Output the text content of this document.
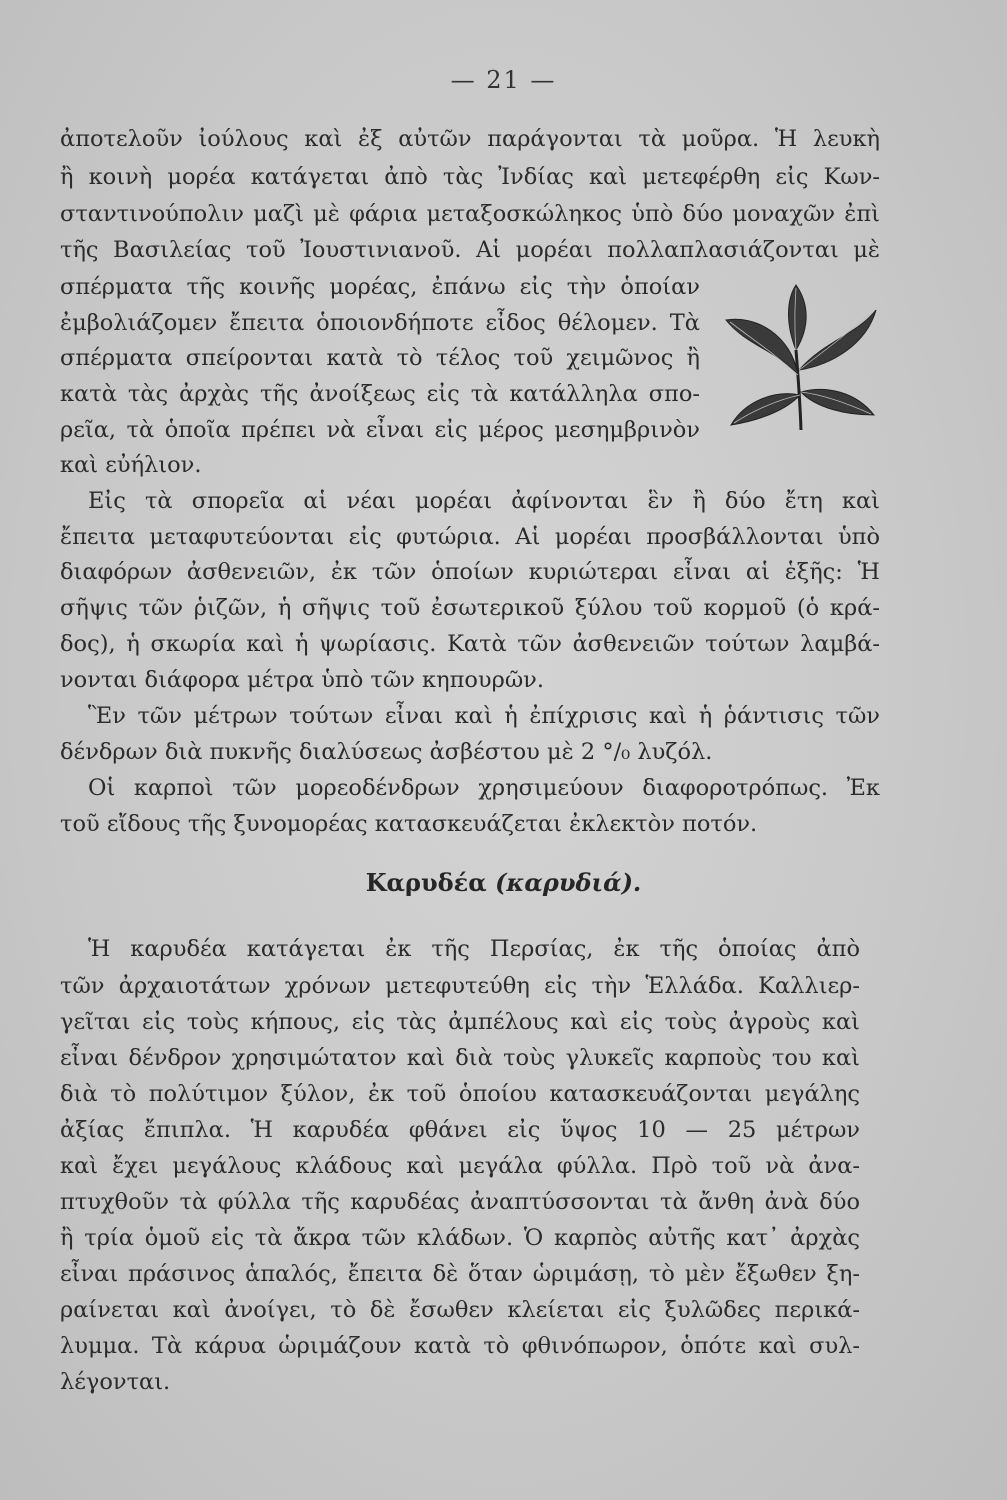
— 21 —
ἀποτελοῦν ἰούλους καὶ ἐξ αὐτῶν παράγονται τὰ μοῦρα. Ἡ λευκὴ
ἢ κοινὴ μορέα κατάγεται ἀπὸ τὰς Ἰνδίας καὶ μετεφέρθη εἰς Κων-
σταντινούπολιν μαζὶ μὲ φάρια μεταξοσκώληκος ὑπὸ δύο μοναχῶν ἐπὶ
τῆς Βασιλείας τοῦ Ἰουστινιανοῦ. Αἱ μορέαι πολλαπλασιάζονται μὲ
σπέρματα τῆς κοινῆς μορέας, ἐπάνω εἰς τὴν ὁποίαν
ἐμβολιάζομεν ἔπειτα ὁποιονδήποτε εἶδος θέλομεν. Τὰ
σπέρματα σπείρονται κατὰ τὸ τέλος τοῦ χειμῶνος ἢ
κατὰ τὰς ἀρχὰς τῆς ἀνοίξεως εἰς τὰ κατάλληλα σπο-
ρεῖα, τὰ ὁποῖα πρέπει νὰ εἶναι εἰς μέρος μεσημβρινὸν
καὶ εὐήλιον.
Εἰς τὰ σπορεῖα αἱ νέαι μορέαι ἀφίνονται ἓν ἢ δύο ἔτη καὶ
ἔπειτα μεταφυτεύονται εἰς φυτώρια. Αἱ μορέαι προσβάλλονται ὑπὸ
διαφόρων ἀσθενειῶν, ἐκ τῶν ὁποίων κυριώτεραι εἶναι αἱ ἑξῆς: Ἡ
σῆψις τῶν ῥιζῶν, ἡ σῆψις τοῦ ἐσωτερικοῦ ξύλου τοῦ κορμοῦ (ὁ κρά-
δος), ἡ σκωρία καὶ ἡ ψωρίασις. Κατὰ τῶν ἀσθενειῶν τούτων λαμβά-
νονται διάφορα μέτρα ὑπὸ τῶν κηπουρῶν.
Ἓν τῶν μέτρων τούτων εἶναι καὶ ἡ ἐπίχρισις καὶ ἡ ῥάντισις τῶν
δένδρων διὰ πυκνῆς διαλύσεως ἀσβέστου μὲ 2 °/₀ λυζόλ.
Οἱ καρποὶ τῶν μορεοδένδρων χρησιμεύουν διαφοροτρόπως. Ἐκ
τοῦ εἴδους τῆς ξυνομορέας κατασκευάζεται ἐκλεκτὸν ποτόν.
Καρυδέα (καρυδιά).
Ἡ καρυδέα κατάγεται ἐκ τῆς Περσίας, ἐκ τῆς ὁποίας ἀπὸ
τῶν ἀρχαιοτάτων χρόνων μετεφυτεύθη εἰς τὴν Ἑλλάδα. Καλλιερ-
γεῖται εἰς τοὺς κήπους, εἰς τὰς ἀμπέλους καὶ εἰς τοὺς ἀγροὺς καὶ
εἶναι δένδρον χρησιμώτατον καὶ διὰ τοὺς γλυκεῖς καρποὺς του καὶ
διὰ τὸ πολύτιμον ξύλον, ἐκ τοῦ ὁποίου κατασκευάζονται μεγάλης
ἀξίας ἔπιπλα. Ἡ καρυδέα φθάνει εἰς ὕψος 10 — 25 μέτρων
καὶ ἔχει μεγάλους κλάδους καὶ μεγάλα φύλλα. Πρὸ τοῦ νὰ ἀνα-
πτυχθοῦν τὰ φύλλα τῆς καρυδέας ἀναπτύσσονται τὰ ἄνθη ἀνὰ δύο
ἢ τρία ὁμοῦ εἰς τὰ ἄκρα τῶν κλάδων. Ὁ καρπὸς αὐτῆς κατ᾽ ἀρχὰς
εἶναι πράσινος ἁπαλός, ἔπειτα δὲ ὅταν ὡριμάσῃ, τὸ μὲν ἔξωθεν ξη-
ραίνεται καὶ ἀνοίγει, τὸ δὲ ἔσωθεν κλείεται εἰς ξυλῶδες περικά-
λυμμα. Τὰ κάρυα ὡριμάζουν κατὰ τὸ φθινόπωρον, ὁπότε καὶ συλ-
λέγονται.
